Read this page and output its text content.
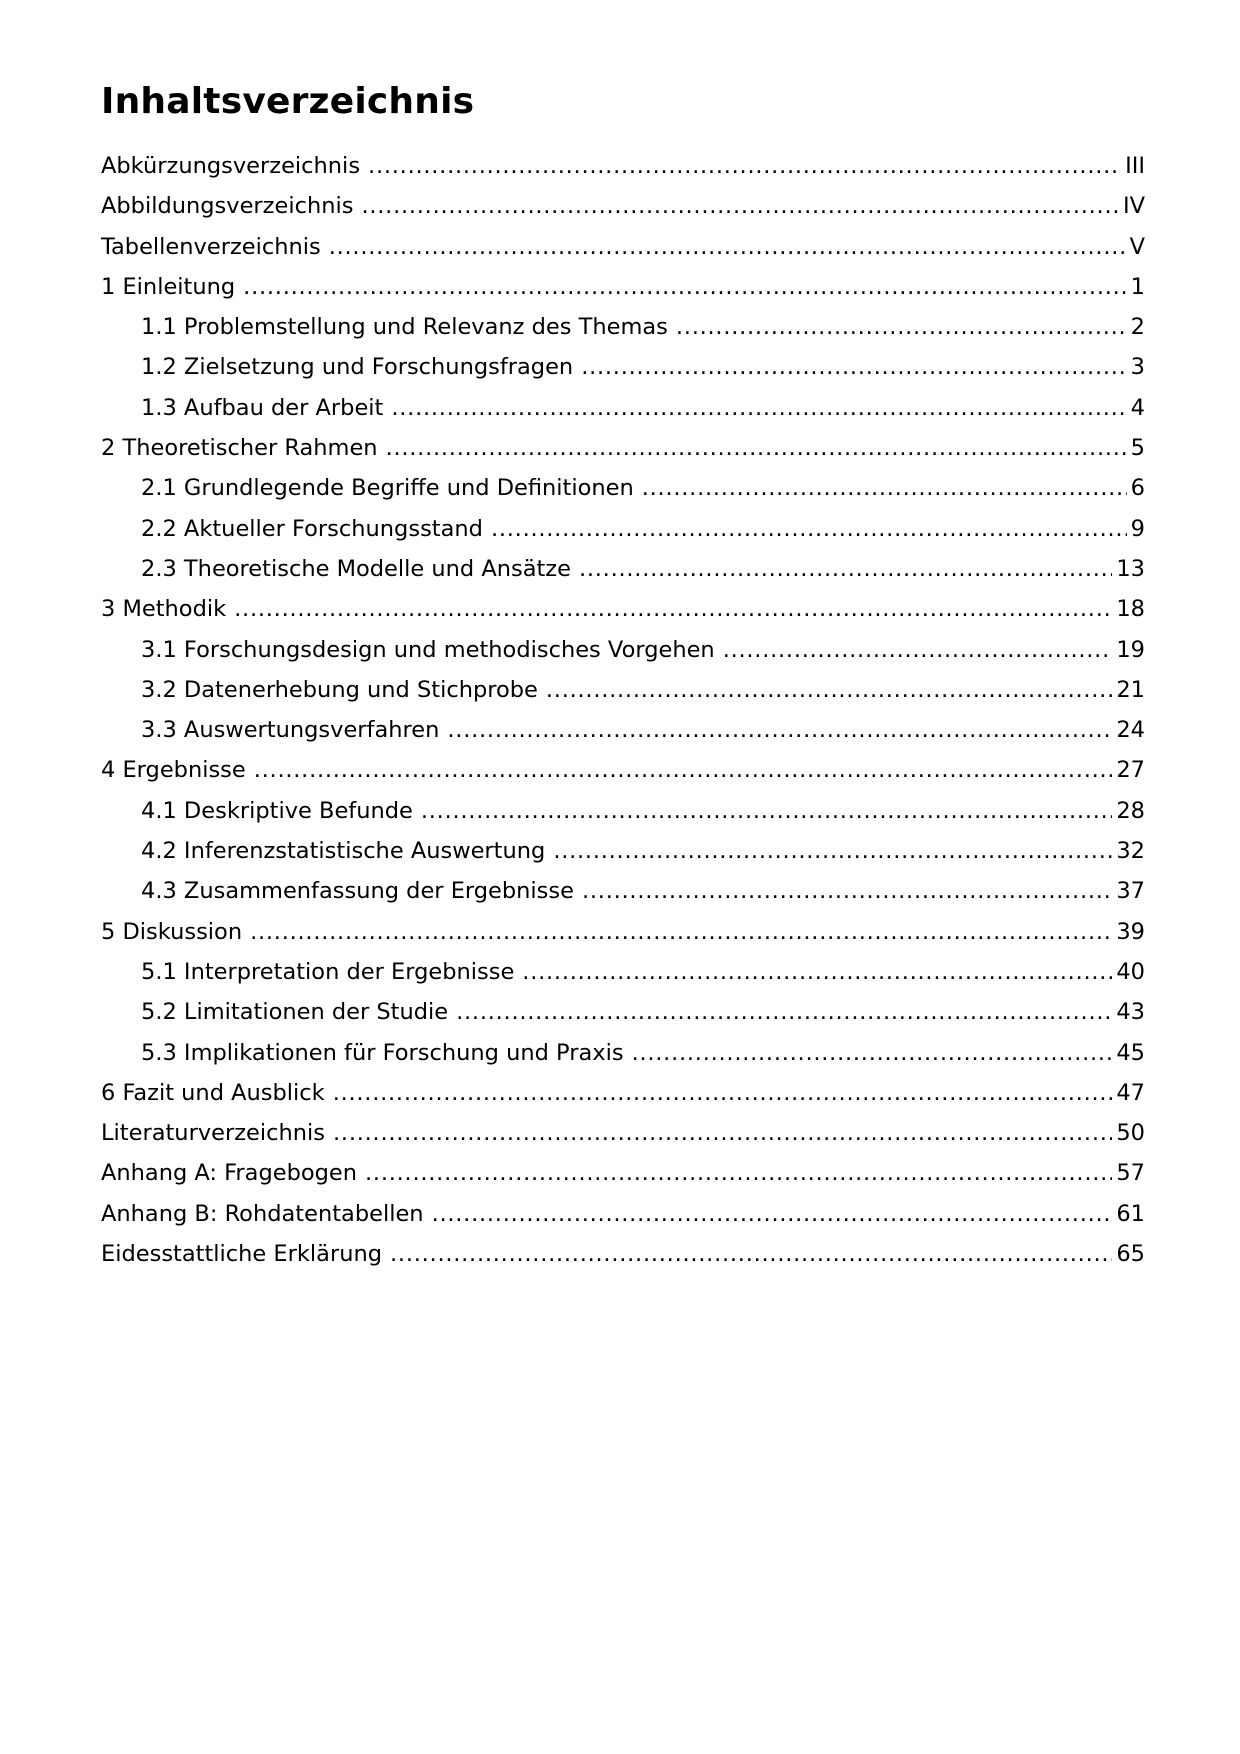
Inhaltsverzeichnis
Abkürzungsverzeichnis . . .	III
Abbildungsverzeichnis . . .	IV
Tabellenverzeichnis . . .	V
1 Einleitung . . .	1
1.1 Problemstellung und Relevanz des Themas . . .	2
1.2 Zielsetzung und Forschungsfragen . . .	3
1.3 Aufbau der Arbeit . . .	4
2 Theoretischer Rahmen . . .	5
2.1 Grundlegende Begriffe und Definitionen . . .	6
2.2 Aktueller Forschungsstand . . .	9
2.3 Theoretische Modelle und Ansätze . . .	13
3 Methodik . . .	18
3.1 Forschungsdesign und methodisches Vorgehen . . .	19
3.2 Datenerhebung und Stichprobe . . .	21
3.3 Auswertungsverfahren . . .	24
4 Ergebnisse . . .	27
4.1 Deskriptive Befunde . . .	28
4.2 Inferenzstatistische Auswertung . . .	32
4.3 Zusammenfassung der Ergebnisse . . .	37
5 Diskussion . . .	39
5.1 Interpretation der Ergebnisse . . .	40
5.2 Limitationen der Studie . . .	43
5.3 Implikationen für Forschung und Praxis . . .	45
6 Fazit und Ausblick . . .	47
Literaturverzeichnis . . .	50
Anhang A: Fragebogen . . .	57
Anhang B: Rohdatentabellen . . .	61
Eidesstattliche Erklärung . . .	65
